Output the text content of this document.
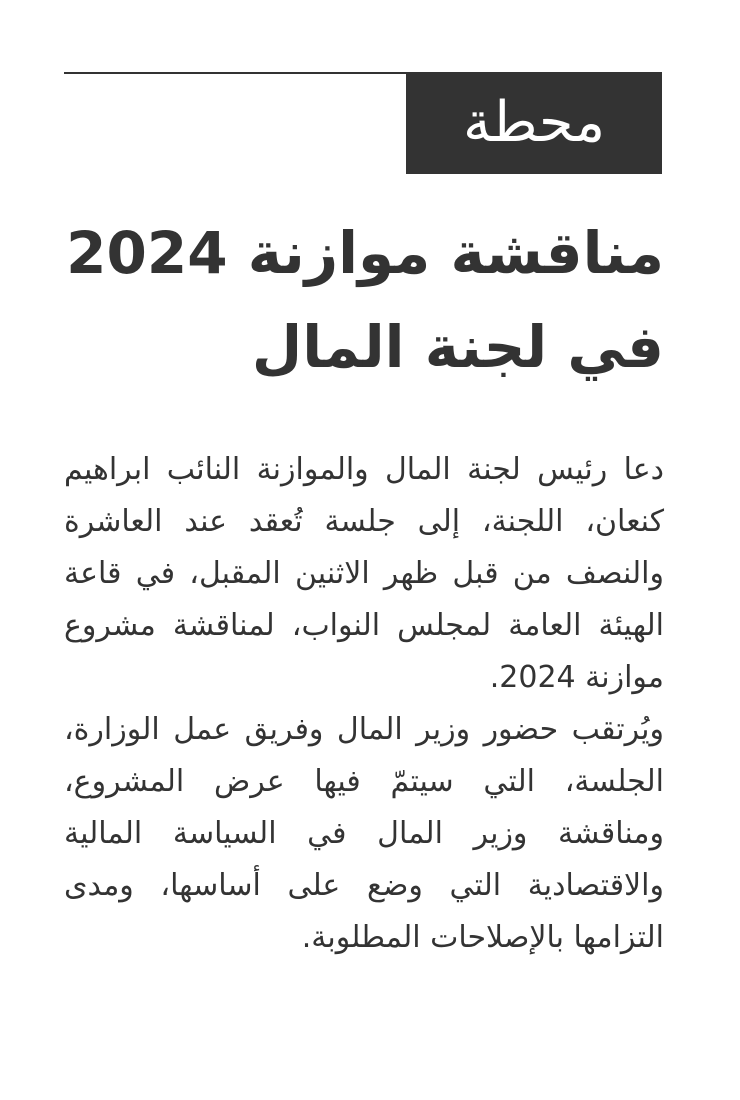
محطة
مناقشة موازنة 2024
في لجنة المال

دعا رئيس لجنة المال والموازنة النائب ابراهيم كنعان، اللجنة، إلى جلسة تُعقد عند العاشرة والنصف من قبل ظهر الاثنين المقبل، في قاعة الهيئة العامة لمجلس النواب، لمناقشة مشروع موازنة 2024.

ويُرتقب حضور وزير المال وفريق عمل الوزارة، الجلسة، التي سيتمّ فيها عرض المشروع، ومناقشة وزير المال في السياسة المالية والاقتصادية التي وضع على أساسها، ومدى التزامها بالإصلاحات المطلوبة.
